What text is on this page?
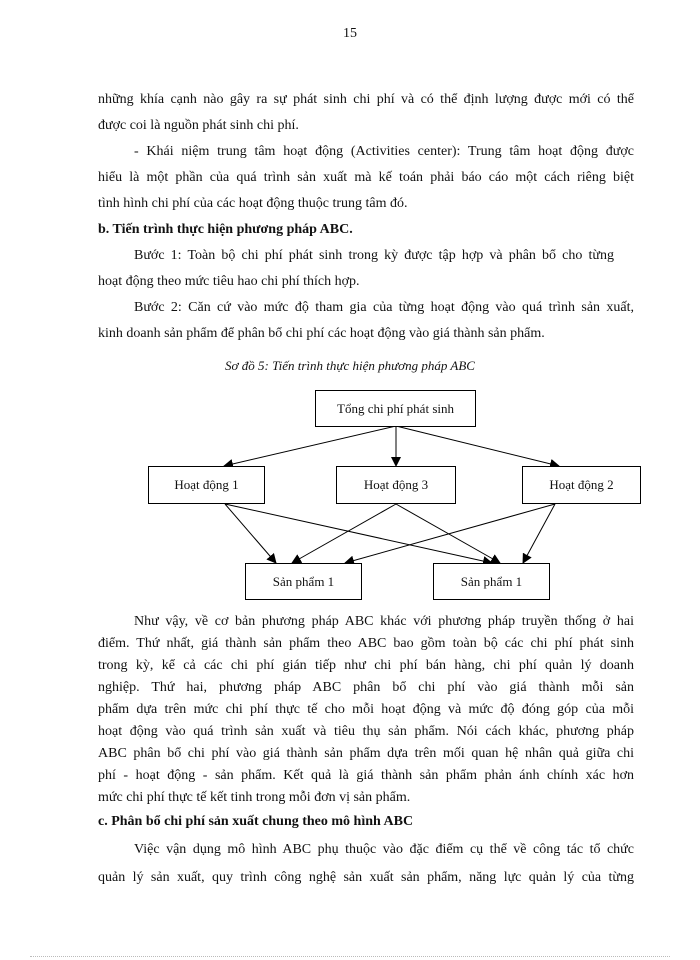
15
những khía cạnh nào gây ra sự phát sinh chi phí và có thể định lượng được mới có thể
được coi là nguồn phát sinh chi phí.
- Khái niệm trung tâm hoạt động (Activities center): Trung tâm hoạt động được
hiểu là một phần của quá trình sản xuất mà kế toán phải báo cáo một cách riêng biệt
tình hình chi phí của các hoạt động thuộc trung tâm đó.
b. Tiến trình thực hiện phương pháp ABC.
Bước 1: Toàn bộ chi phí phát sinh trong kỳ được tập hợp và phân bổ cho từng
hoạt động theo mức tiêu hao chi phí thích hợp.
Bước 2: Căn cứ vào mức độ tham gia của từng hoạt động vào quá trình sản xuất,
kinh doanh sản phẩm để phân bổ chi phí các hoạt động vào giá thành sản phẩm.
Sơ đồ 5: Tiến trình thực hiện phương pháp ABC
Tổng chi phí phát sinh
Hoạt động 1	Hoạt động 3	Hoạt động 2
Sản phẩm 1	Sản phẩm 1
Như vậy, về cơ bản phương pháp ABC khác với phương pháp truyền thống ở hai
điểm. Thứ nhất, giá thành sản phẩm theo ABC bao gồm toàn bộ các chi phí phát sinh
trong kỳ, kể cả các chi phí gián tiếp như chi phí bán hàng, chi phí quản lý doanh
nghiệp. Thứ hai, phương pháp ABC phân bổ chi phí vào giá thành mỗi sản
phẩm dựa trên mức chi phí thực tế cho mỗi hoạt động và mức độ đóng góp của mỗi
hoạt động vào quá trình sản xuất và tiêu thụ sản phẩm. Nói cách khác, phương pháp
ABC phân bổ chi phí vào giá thành sản phẩm dựa trên mối quan hệ nhân quả giữa chi
phí - hoạt động - sản phẩm. Kết quả là giá thành sản phẩm phản ánh chính xác hơn
mức chi phí thực tế kết tinh trong mỗi đơn vị sản phẩm.
c. Phân bổ chi phí sản xuất chung theo mô hình ABC
Việc vận dụng mô hình ABC phụ thuộc vào đặc điểm cụ thể về công tác tổ chức
quản lý sản xuất, quy trình công nghệ sản xuất sản phẩm, năng lực quản lý của từng
